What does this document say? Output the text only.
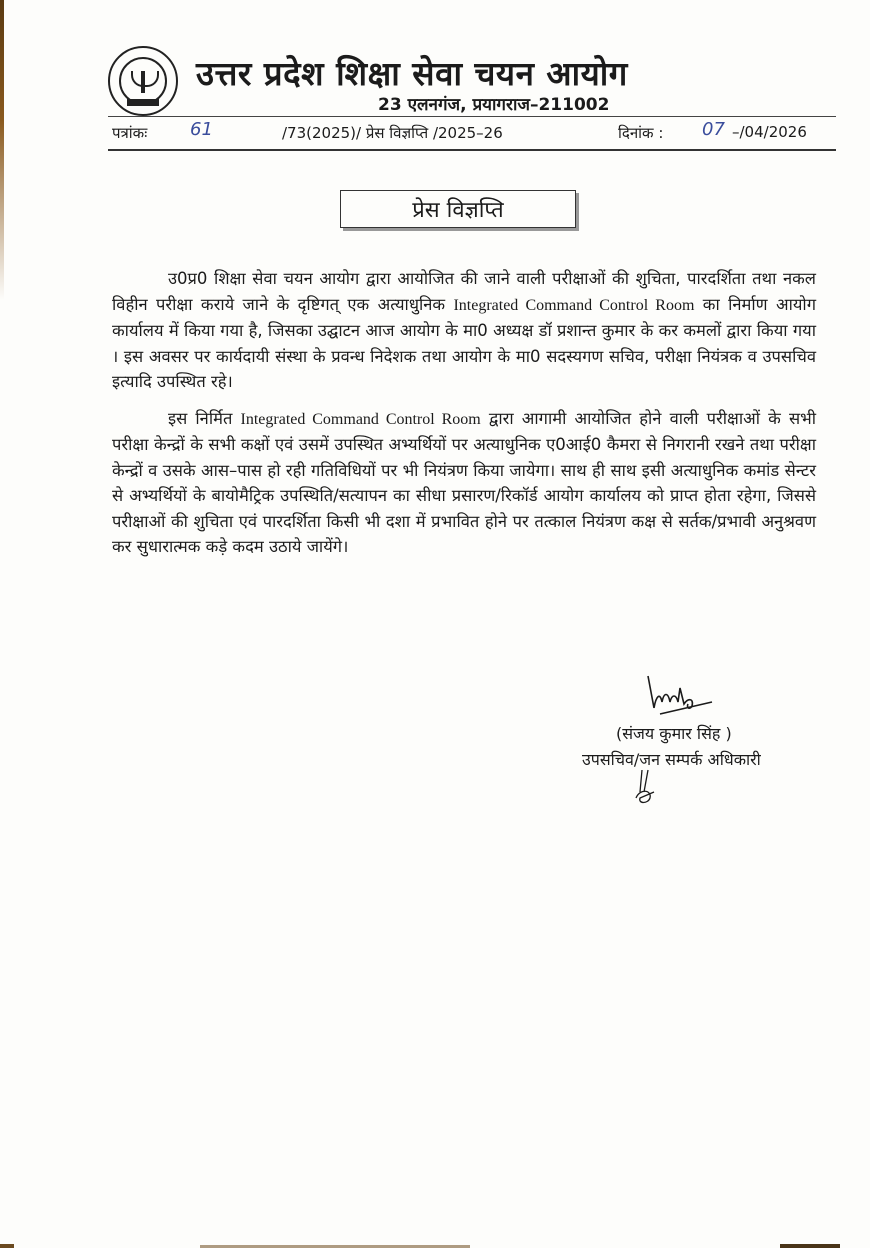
उत्तर प्रदेश शिक्षा सेवा चयन आयोग
23 एलनगंज, प्रयागराज–211002
पत्रांकः 61	/73(2025)/ प्रेस विज्ञप्ति /2025–26	दिनांक : 07 –/04/2026
प्रेस विज्ञप्ति

उ0प्र0 शिक्षा सेवा चयन आयोग द्वारा आयोजित की जाने वाली परीक्षाओं की शुचिता, पारदर्शिता तथा नकल विहीन परीक्षा कराये जाने के दृष्टिगत् एक अत्याधुनिक Integrated Command Control Room का निर्माण आयोग कार्यालय में किया गया है, जिसका उद्घाटन आज आयोग के मा0 अध्यक्ष डॉ प्रशान्त कुमार के कर कमलों द्वारा किया गया । इस अवसर पर कार्यदायी संस्था के प्रवन्ध निदेशक तथा आयोग के मा0 सदस्यगण सचिव, परीक्षा नियंत्रक व उपसचिव इत्यादि उपस्थित रहे।

इस निर्मित Integrated Command Control Room द्वारा आगामी आयोजित होने वाली परीक्षाओं के सभी परीक्षा केन्द्रों के सभी कक्षों एवं उसमें उपस्थित अभ्यर्थियों पर अत्याधुनिक ए0आई0 कैमरा से निगरानी रखने तथा परीक्षा केन्द्रों व उसके आस–पास हो रही गतिविधियों पर भी नियंत्रण किया जायेगा। साथ ही साथ इसी अत्याधुनिक कमांड सेन्टर से अभ्यर्थियों के बायोमैट्रिक उपस्थिति/सत्यापन का सीधा प्रसारण/रिकॉर्ड आयोग कार्यालय को प्राप्त होता रहेगा, जिससे परीक्षाओं की शुचिता एवं पारदर्शिता किसी भी दशा में प्रभावित होने पर तत्काल नियंत्रण कक्ष से सर्तक/प्रभावी अनुश्रवण कर सुधारात्मक कड़े कदम उठाये जायेंगे।

(संजय कुमार सिंह )
उपसचिव/जन सम्पर्क अधिकारी
